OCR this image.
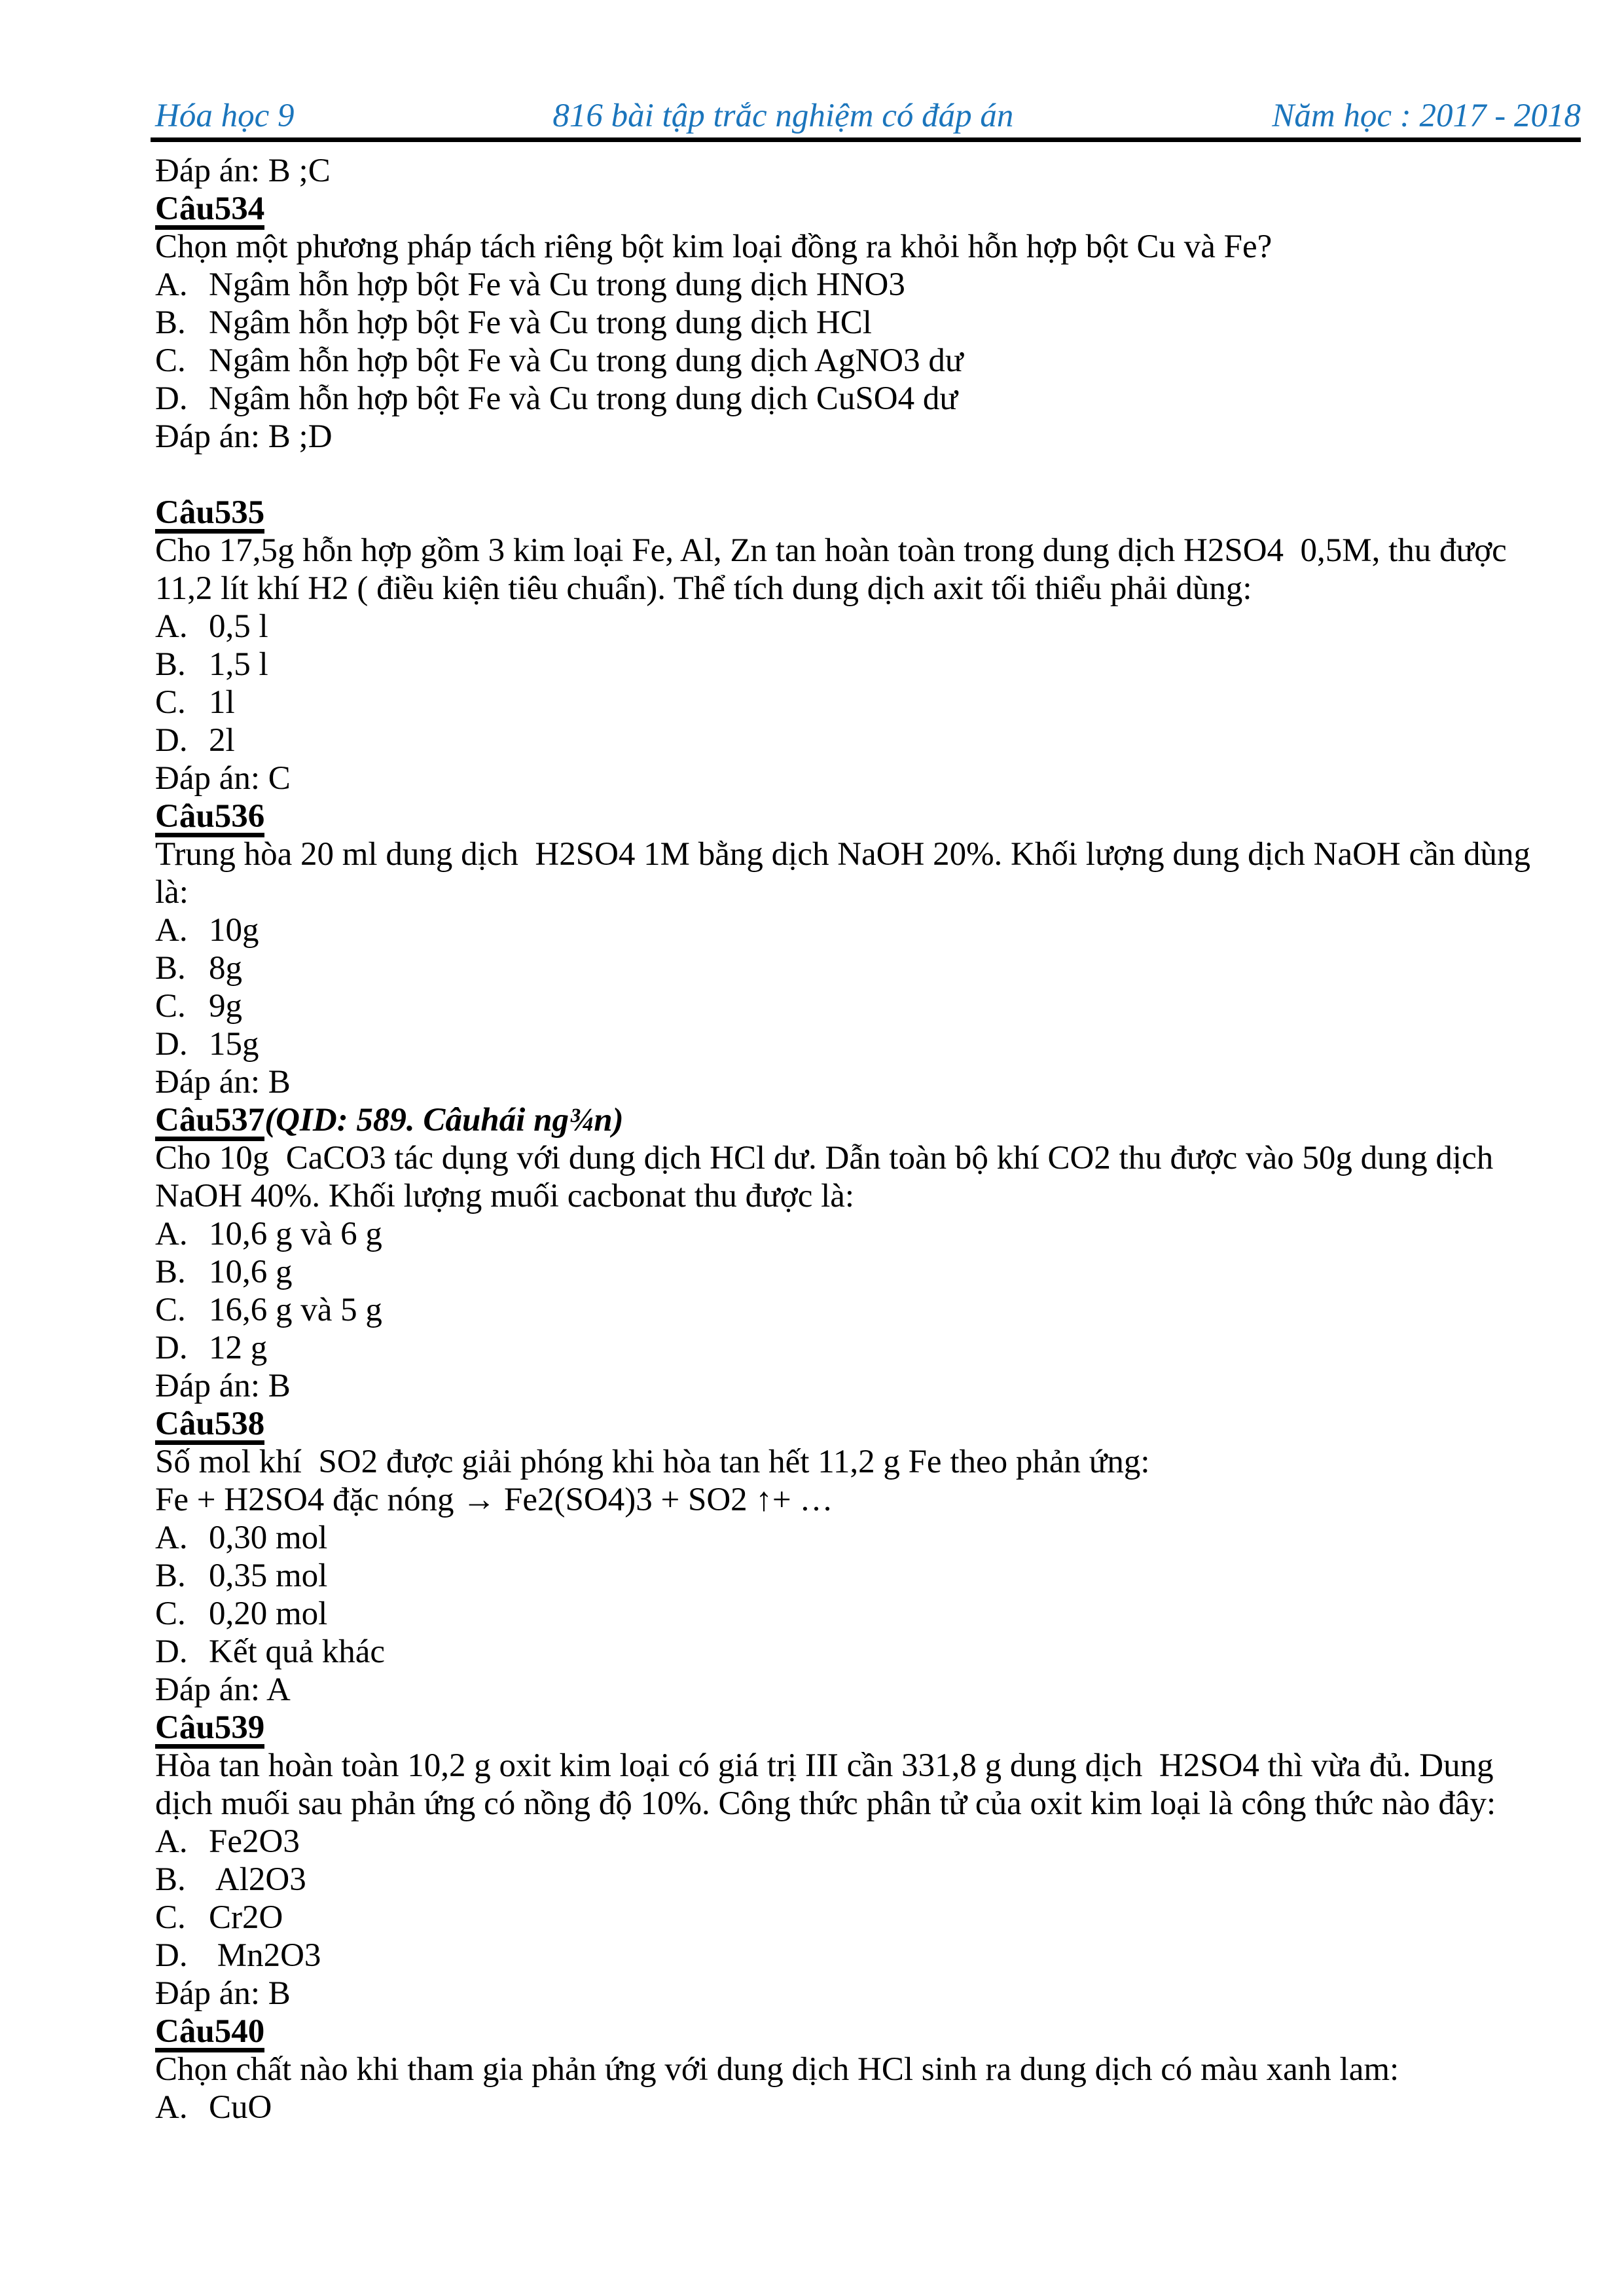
Hóa học 9	816 bài tập trắc nghiệm có đáp án	Năm học : 2017 - 2018
Đáp án: B ;C
Câu534
Chọn một phương pháp tách riêng bột kim loại đồng ra khỏi hỗn hợp bột Cu và Fe?
A. Ngâm hỗn hợp bột Fe và Cu trong dung dịch HNO3
B. Ngâm hỗn hợp bột Fe và Cu trong dung dịch HCl
C. Ngâm hỗn hợp bột Fe và Cu trong dung dịch AgNO3 dư
D. Ngâm hỗn hợp bột Fe và Cu trong dung dịch CuSO4 dư
Đáp án: B ;D
Câu535
Cho 17,5g hỗn hợp gồm 3 kim loại Fe, Al, Zn tan hoàn toàn trong dung dịch H2SO4  0,5M, thu được
11,2 lít khí H2 ( điều kiện tiêu chuẩn). Thể tích dung dịch axit tối thiểu phải dùng:
A. 0,5 l
B. 1,5 l
C. 1l
D. 2l
Đáp án: C
Câu536
Trung hòa 20 ml dung dịch  H2SO4 1M bằng dịch NaOH 20%. Khối lượng dung dịch NaOH cần dùng
là:
A. 10g
B. 8g
C. 9g
D. 15g
Đáp án: B
Câu537(QID: 589. Câuhái ng¾n)
Cho 10g  CaCO3 tác dụng với dung dịch HCl dư. Dẫn toàn bộ khí CO2 thu được vào 50g dung dịch
NaOH 40%. Khối lượng muối cacbonat thu được là:
A. 10,6 g và 6 g
B. 10,6 g
C. 16,6 g và 5 g
D. 12 g
Đáp án: B
Câu538
Số mol khí  SO2 được giải phóng khi hòa tan hết 11,2 g Fe theo phản ứng:
Fe + H2SO4 đặc nóng → Fe2(SO4)3 + SO2 ↑+ …
A. 0,30 mol
B. 0,35 mol
C. 0,20 mol
D. Kết quả khác
Đáp án: A
Câu539
Hòa tan hoàn toàn 10,2 g oxit kim loại có giá trị III cần 331,8 g dung dịch  H2SO4 thì vừa đủ. Dung
dịch muối sau phản ứng có nồng độ 10%. Công thức phân tử của oxit kim loại là công thức nào đây:
A. Fe2O3
B. Al2O3
C. Cr2O
D. Mn2O3
Đáp án: B
Câu540
Chọn chất nào khi tham gia phản ứng với dung dịch HCl sinh ra dung dịch có màu xanh lam:
A. CuO
